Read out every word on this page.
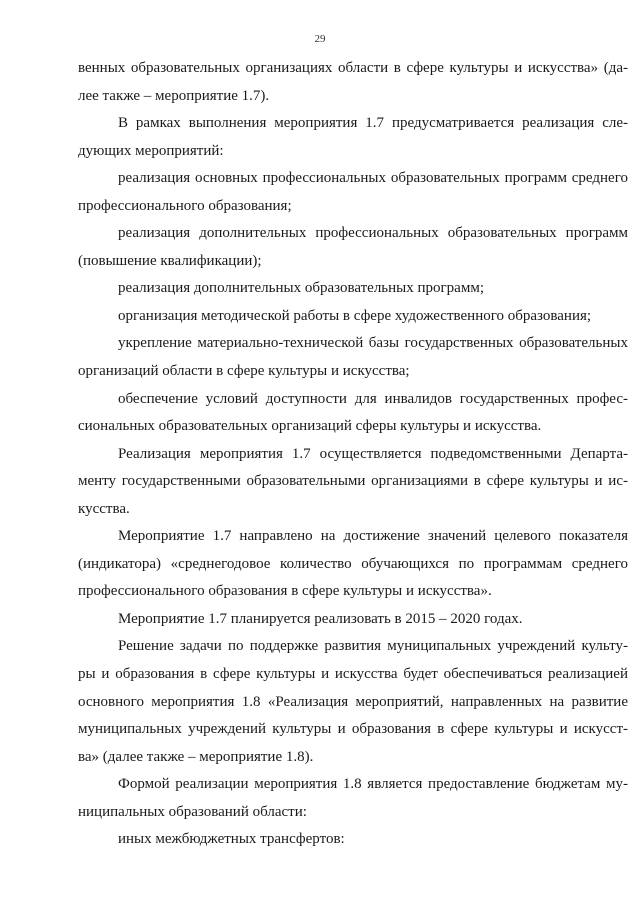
29
венных образовательных организациях области в сфере культуры и искусства» (да-
лее также – мероприятие 1.7).
В рамках выполнения мероприятия 1.7 предусматривается реализация сле-
дующих мероприятий:
реализация основных профессиональных образовательных программ среднего
профессионального образования;
реализация дополнительных профессиональных образовательных программ
(повышение квалификации);
реализация дополнительных образовательных программ;
организация методической работы в сфере художественного образования;
укрепление материально-технической базы государственных образовательных
организаций области в сфере культуры и искусства;
обеспечение условий доступности для инвалидов государственных профес-
сиональных образовательных организаций сферы культуры и искусства.
Реализация мероприятия 1.7 осуществляется подведомственными Департа-
менту государственными образовательными организациями в сфере культуры и ис-
кусства.
Мероприятие 1.7 направлено на достижение значений целевого показателя
(индикатора) «среднегодовое количество обучающихся по программам среднего
профессионального образования в сфере культуры и искусства».
Мероприятие 1.7 планируется реализовать в 2015 – 2020 годах.
Решение задачи по поддержке развития муниципальных учреждений культу-
ры и образования в сфере культуры и искусства будет обеспечиваться реализацией
основного мероприятия 1.8 «Реализация мероприятий, направленных на развитие
муниципальных учреждений культуры и образования в сфере культуры и искусст-
ва» (далее также – мероприятие 1.8).
Формой реализации мероприятия 1.8 является предоставление бюджетам му-
ниципальных образований области:
иных межбюджетных трансфертов:
